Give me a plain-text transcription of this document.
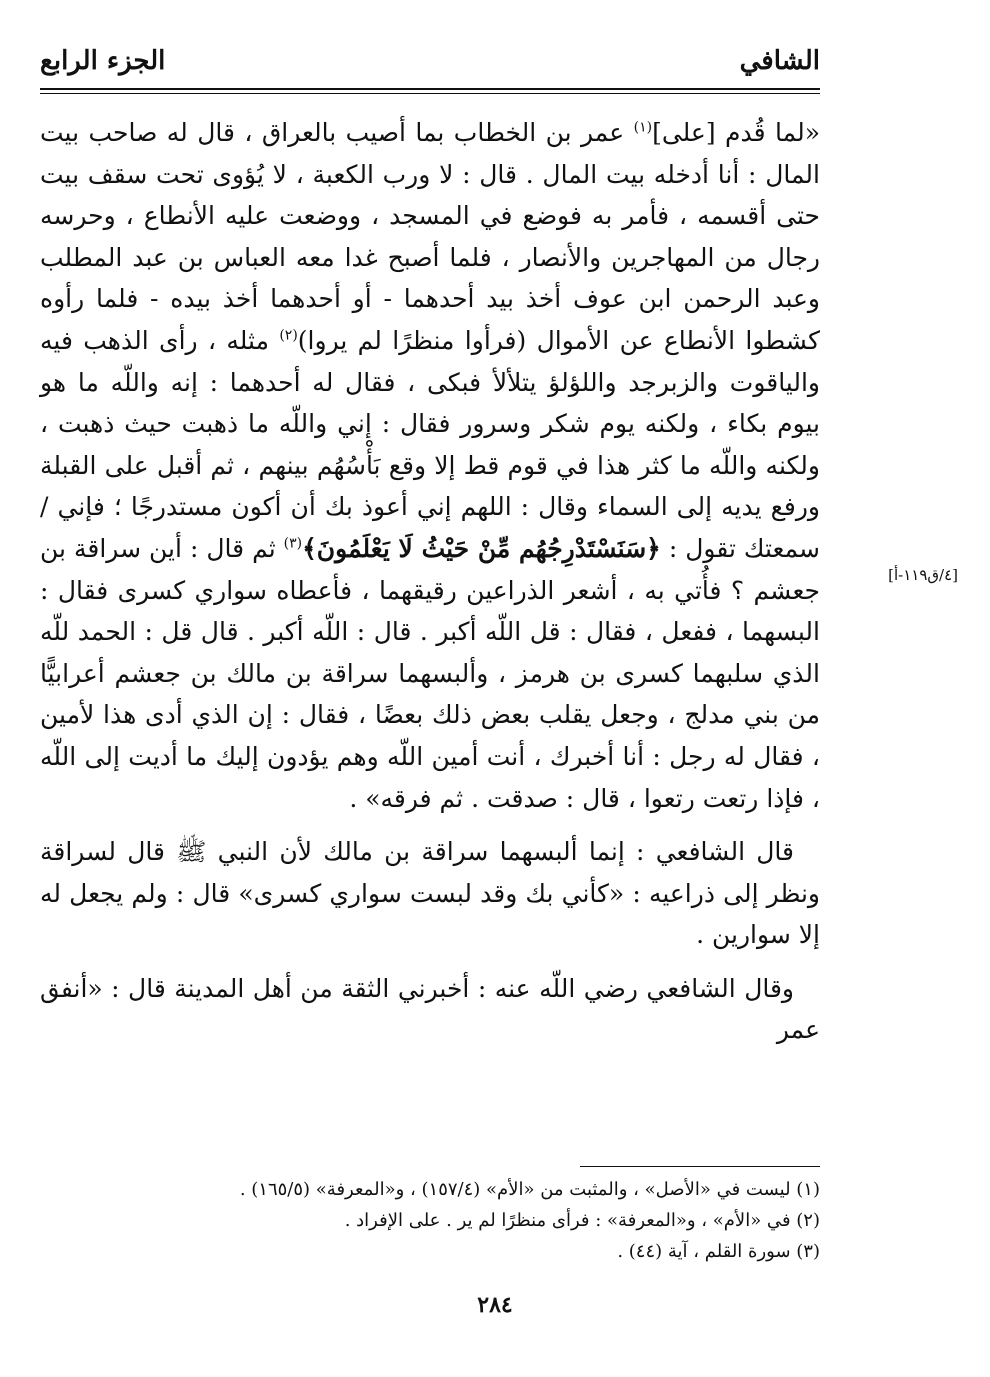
الشافي
الجزء الرابع

«لما قُدم [على]$^{(١)}$ عمر بن الخطاب بما أصيب بالعراق ، قال له صاحب بيت المال : أنا أدخله بيت المال . قال : لا ورب الكعبة ، لا يُؤوى تحت سقف بيت حتى أقسمه ، فأمر به فوضع في المسجد ، ووضعت عليه الأنطاع ، وحرسه رجال من المهاجرين والأنصار ، فلما أصبح غدا معه العباس بن عبد المطلب وعبد الرحمن ابن عوف أخذ بيد أحدهما - أو أحدهما أخذ بيده - فلما رأوه كشطوا الأنطاع عن الأموال (فرأوا منظرًا لم يروا)$^{(٢)}$ مثله ، رأى الذهب فيه والياقوت والزبرجد واللؤلؤ يتلألأ فبكى ، فقال له أحدهما : إنه واللّه ما هو بيوم بكاء ، ولكنه يوم شكر وسرور فقال : إني واللّه ما ذهبت حيث ذهبت ، ولكنه واللّه ما كثر هذا في قوم قط إلا وقع بَأْسُهُم بينهم ، ثم أقبل على القبلة ورفع يديه إلى السماء وقال : اللهم إني أعوذ بك أن أكون مستدرجًا ؛ فإني / سمعتك تقول : ﴿سَنَسْتَدْرِجُهُم مِّنْ حَيْثُ لَا يَعْلَمُونَ﴾$^{(٣)}$ ثم قال : أين سراقة بن جعشم ؟ فأُتي به ، أشعر الذراعين رقيقهما ، فأعطاه سواري كسرى فقال : البسهما ، ففعل ، فقال : قل اللّه أكبر . قال : اللّه أكبر . قال قل : الحمد للّه الذي سلبهما كسرى بن هرمز ، وألبسهما سراقة بن مالك بن جعشم أعرابيًّا من بني مدلج ، وجعل يقلب بعض ذلك بعضًا ، فقال : إن الذي أدى هذا لأمين ، فقال له رجل : أنا أخبرك ، أنت أمين اللّه وهم يؤدون إليك ما أديت إلى اللّه ، فإذا رتعت رتعوا ، قال : صدقت . ثم فرقه» .

قال الشافعي : إنما ألبسهما سراقة بن مالك لأن النبي ﷺ قال لسراقة ونظر إلى ذراعيه : «كأني بك وقد لبست سواري كسرى» قال : ولم يجعل له إلا سوارين .

وقال الشافعي رضي اللّه عنه : أخبرني الثقة من أهل المدينة قال : «أنفق عمر

[٤/ق١١٩-أ]

(١) ليست في «الأصل» ، والمثبت من «الأم» (١٥٧/٤) ، و«المعرفة» (١٦٥/٥) .

(٢) في «الأم» ، و«المعرفة» : فرأى منظرًا لم ير . على الإفراد .

(٣) سورة القلم ، آية (٤٤) .

٢٨٤
